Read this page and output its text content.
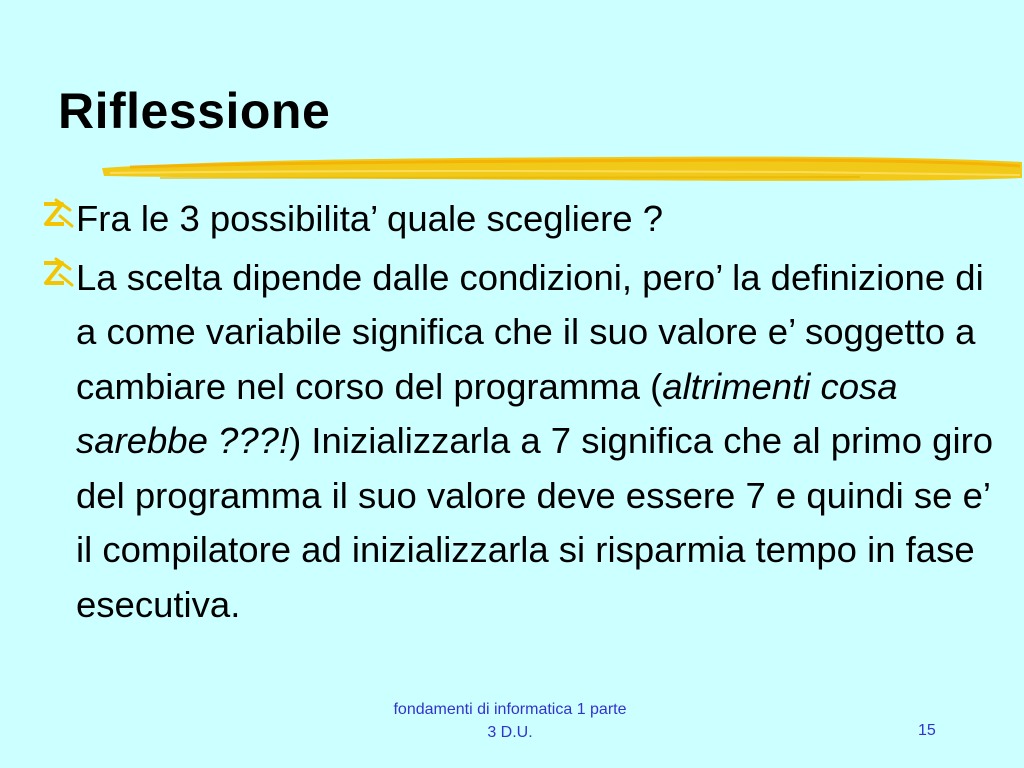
Riflessione
Fra le 3 possibilita’ quale scegliere ?
La scelta dipende dalle condizioni, pero’ la definizione di a come variabile significa che il suo valore e’ soggetto a cambiare nel corso del programma (altrimenti cosa sarebbe ???!) Inizializzarla a 7 significa che al primo giro del programma il suo valore deve essere 7 e quindi se e’ il compilatore ad inizializzarla si risparmia tempo in fase esecutiva.
fondamenti di informatica 1 parte
3 D.U.	15
